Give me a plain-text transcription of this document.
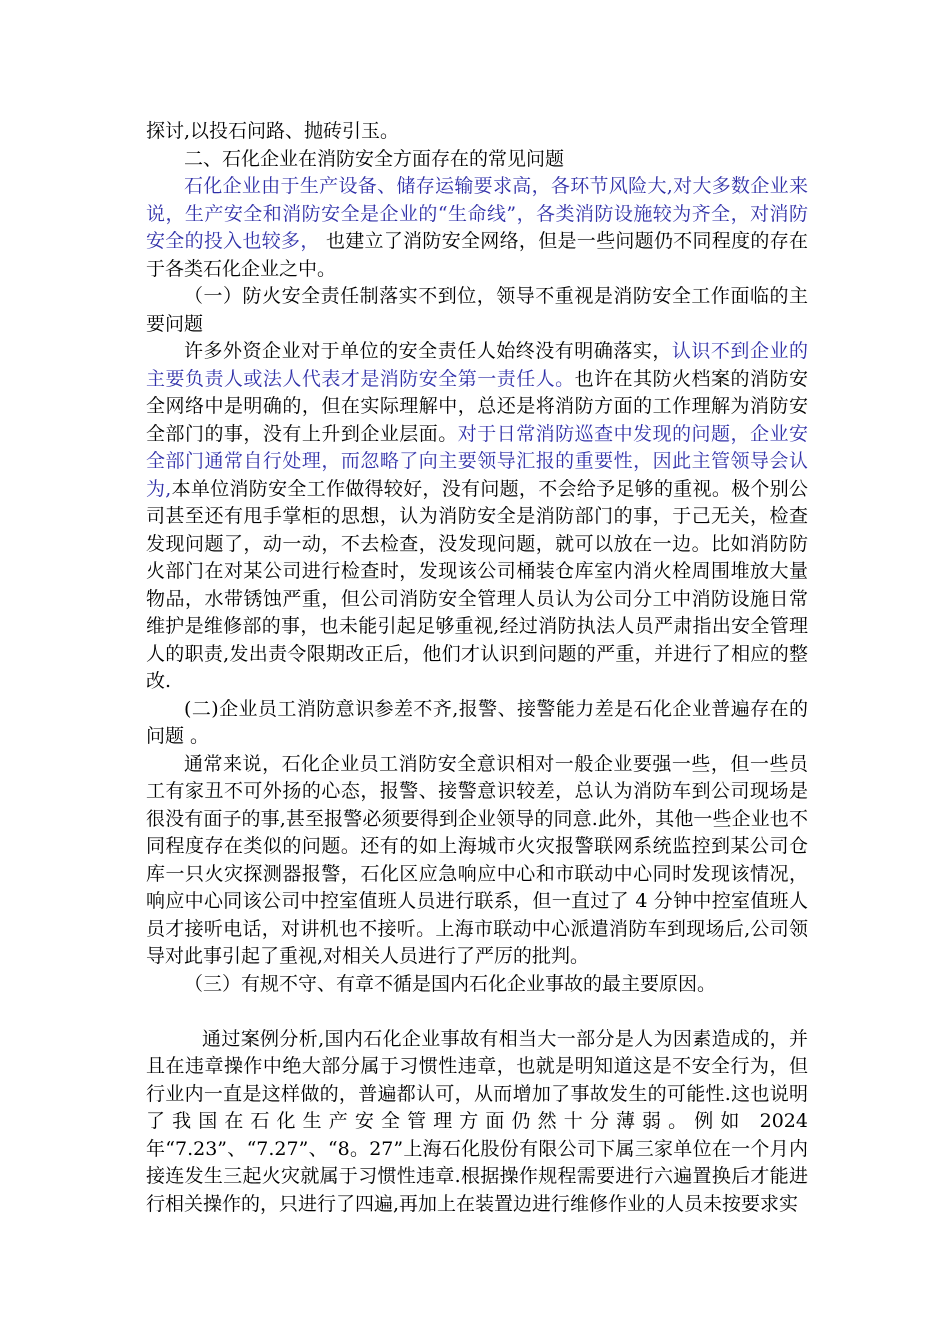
探讨,以投石问路、抛砖引玉。

二、石化企业在消防安全方面存在的常见问题

石化企业由于生产设备、储存运输要求高，各环节风险大,对大多数企业来说，生产安全和消防安全是企业的“生命线”，各类消防设施较为齐全，对消防安全的投入也较多， 也建立了消防安全网络，但是一些问题仍不同程度的存在于各类石化企业之中。

（一）防火安全责任制落实不到位，领导不重视是消防安全工作面临的主要问题

许多外资企业对于单位的安全责任人始终没有明确落实，认识不到企业的主要负责人或法人代表才是消防安全第一责任人。也许在其防火档案的消防安全网络中是明确的，但在实际理解中，总还是将消防方面的工作理解为消防安全部门的事，没有上升到企业层面。对于日常消防巡查中发现的问题，企业安全部门通常自行处理，而忽略了向主要领导汇报的重要性，因此主管领导会认为,本单位消防安全工作做得较好，没有问题，不会给予足够的重视。极个别公司甚至还有甩手掌柜的思想，认为消防安全是消防部门的事，于己无关，检查发现问题了，动一动，不去检查，没发现问题，就可以放在一边。比如消防防火部门在对某公司进行检查时，发现该公司桶装仓库室内消火栓周围堆放大量物品，水带锈蚀严重，但公司消防安全管理人员认为公司分工中消防设施日常维护是维修部的事，也未能引起足够重视,经过消防执法人员严肃指出安全管理人的职责,发出责令限期改正后，他们才认识到问题的严重，并进行了相应的整改.

(二)企业员工消防意识参差不齐,报警、接警能力差是石化企业普遍存在的问题 。

通常来说，石化企业员工消防安全意识相对一般企业要强一些，但一些员工有家丑不可外扬的心态，报警、接警意识较差，总认为消防车到公司现场是很没有面子的事,甚至报警必须要得到企业领导的同意.此外，其他一些企业也不同程度存在类似的问题。还有的如上海城市火灾报警联网系统监控到某公司仓库一只火灾探测器报警，石化区应急响应中心和市联动中心同时发现该情况，响应中心同该公司中控室值班人员进行联系，但一直过了 4 分钟中控室值班人员才接听电话，对讲机也不接听。上海市联动中心派遣消防车到现场后,公司领导对此事引起了重视,对相关人员进行了严厉的批判。

（三）有规不守、有章不循是国内石化企业事故的最主要原因。

通过案例分析,国内石化企业事故有相当大一部分是人为因素造成的，并且在违章操作中绝大部分属于习惯性违章，也就是明知道这是不安全行为，但行业内一直是这样做的，普遍都认可，从而增加了事故发生的可能性.这也说明了我国在石化生产安全管理方面仍然十分薄弱。例如 2024 年“7.23”、“7.27”、“8。27”上海石化股份有限公司下属三家单位在一个月内接连发生三起火灾就属于习惯性违章.根据操作规程需要进行六遍置换后才能进行相关操作的，只进行了四遍,再加上在装置边进行维修作业的人员未按要求实
